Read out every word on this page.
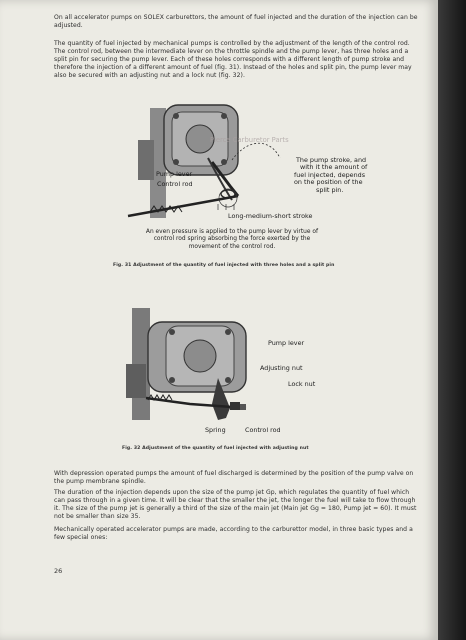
On all accelerator pumps on SOLEX carburettors, the amount of fuel injected and the duration of the injection can be adjusted.

The quantity of fuel injected by mechanical pumps is controlled by the adjustment of the length of the control rod. The control rod, between the intermediate lever on the throttle spindle and the pump lever, has three holes and a split pin for securing the pump lever. Each of these holes corresponds with a different length of pump stroke and therefore the injection of a different amount of fuel (fig. 31). Instead of the holes and split pin, the pump lever may also be secured with an adjusting nut and a lock nut (fig. 32).

Pierce Carburetor Parts
Pump lever
Control rod
The pump stroke, and
with it the amount of
fuel injected, depends
on the position of the
split pin.
Long-medium-short stroke
An even pressure is applied to the pump lever by virtue of
control rod spring absorbing the force exerted by the
movement of the control rod.
Fig. 31 Adjustment of the quantity of fuel injected with three holes and a split pin
Pump lever
Adjusting nut
Lock nut
Spring	Control rod
Fig. 32 Adjustment of the quantity of fuel injected with adjusting nut

With depression operated pumps the amount of fuel discharged is determined by the position of the pump valve on the pump membrane spindle.

The duration of the injection depends upon the size of the pump jet Gp, which regulates the quantity of fuel which can pass through in a given time. It will be clear that the smaller the jet, the longer the fuel will take to flow through it. The size of the pump jet is generally a third of the size of the main jet (Main jet Gg = 180, Pump jet = 60). It must not be smaller than size 35.

Mechanically operated accelerator pumps are made, according to the carburettor model, in three basic types and a few special ones:

26
